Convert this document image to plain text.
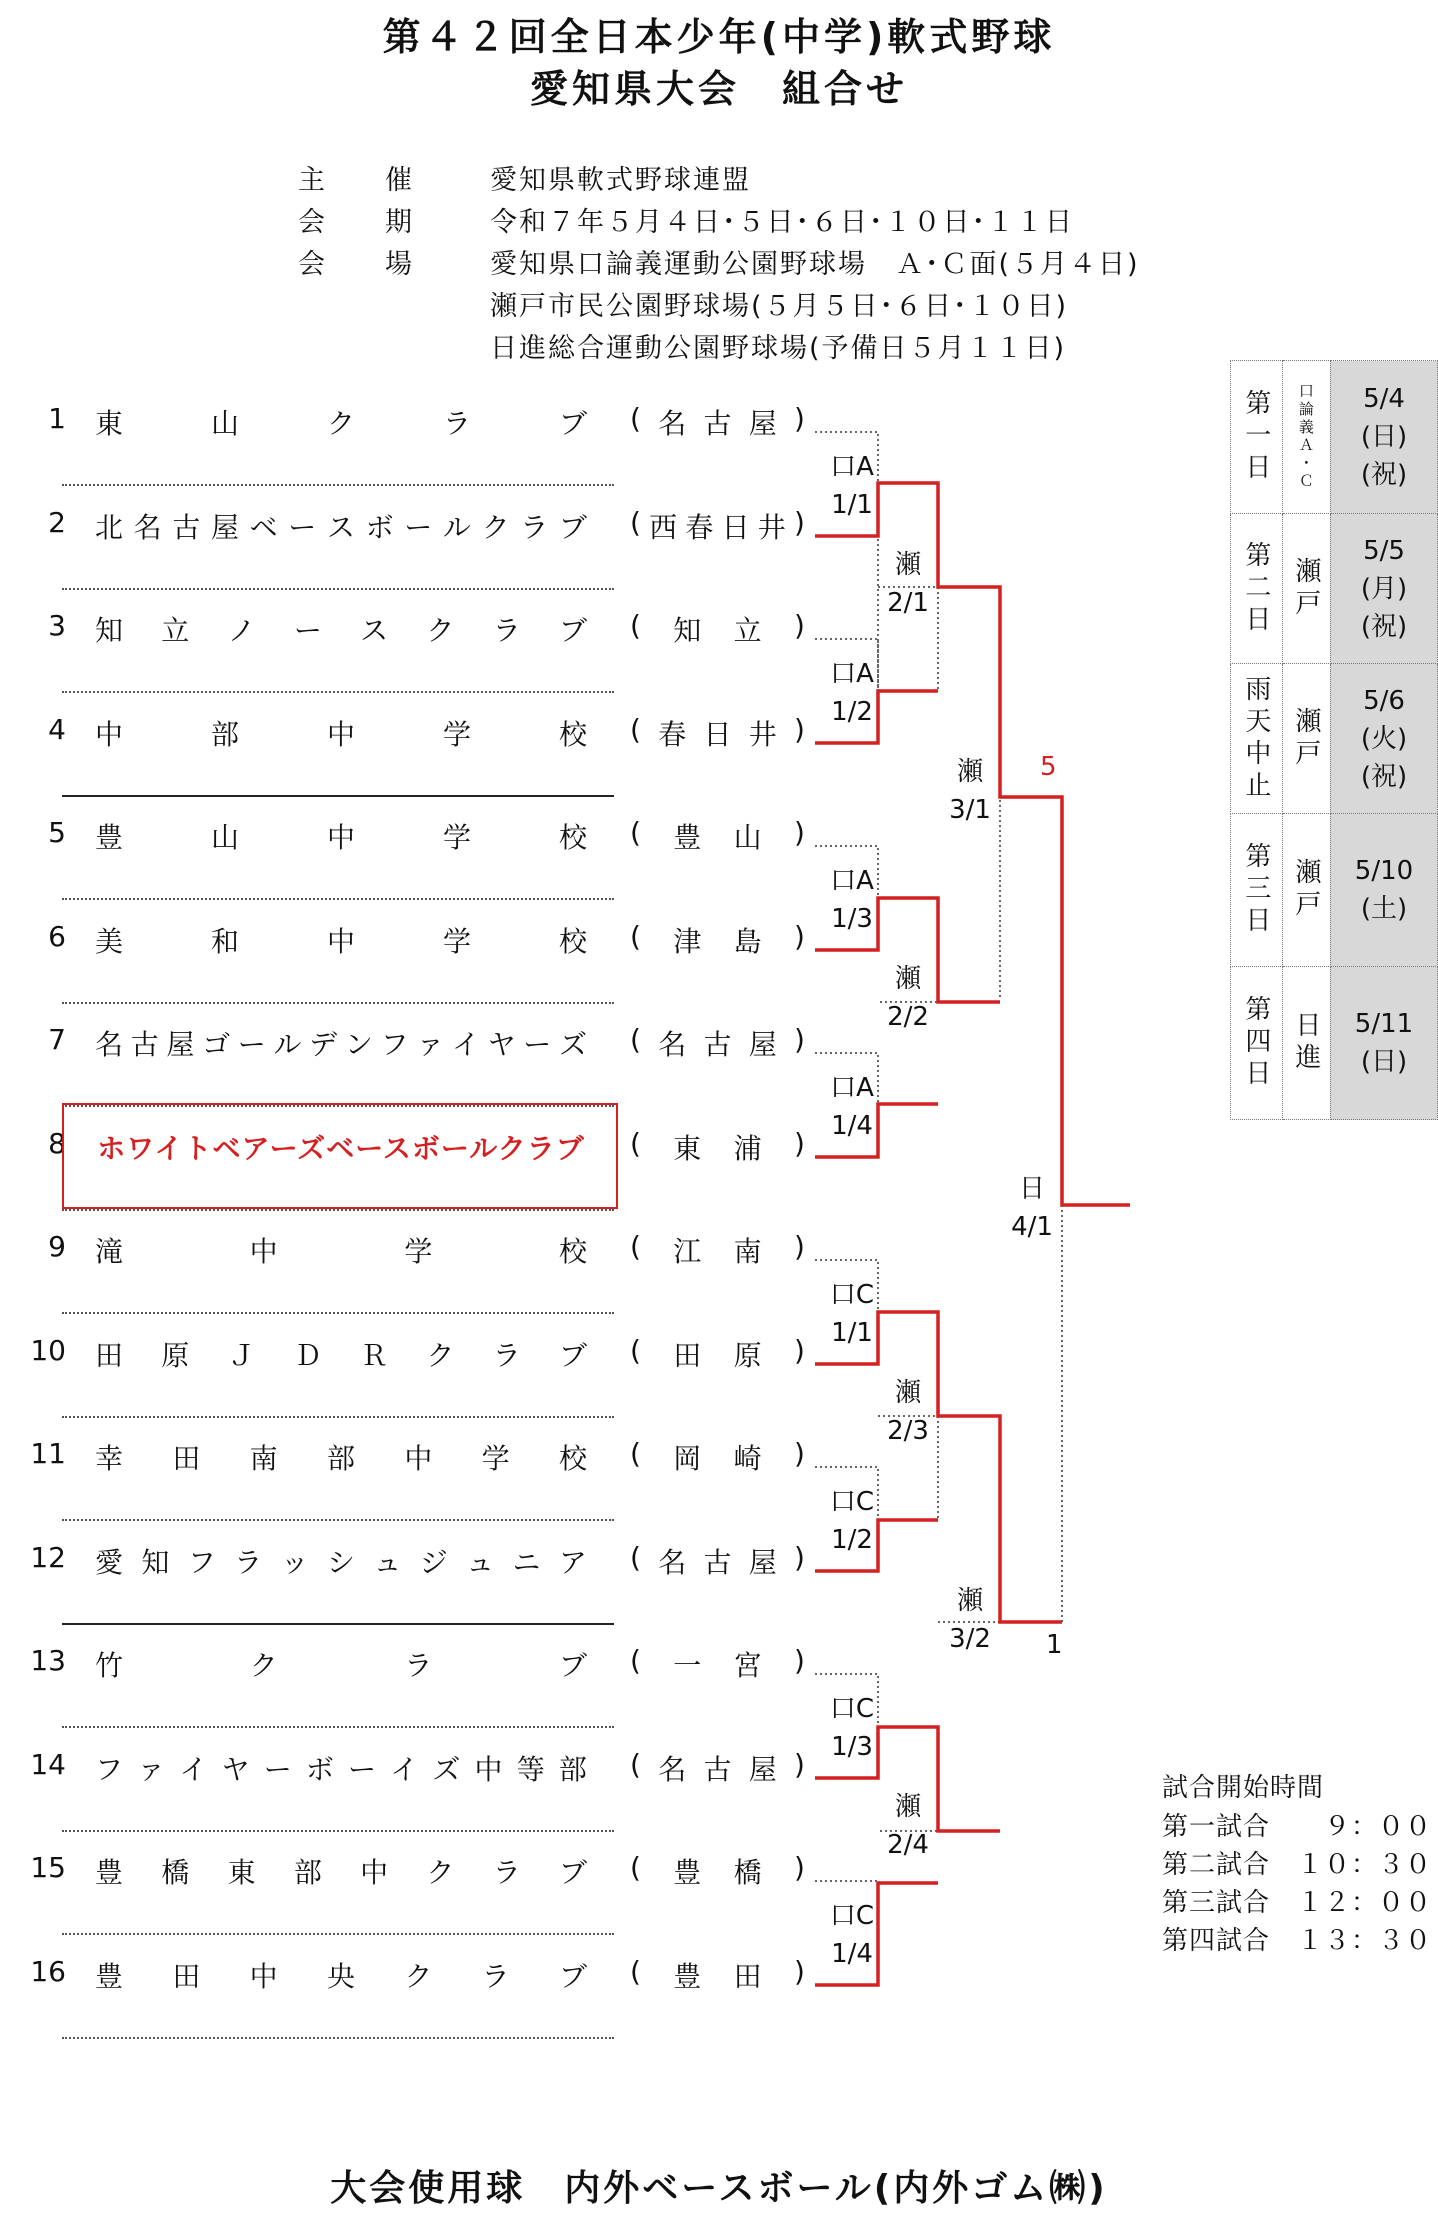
第４２回全日本少年(中学)軟式野球
愛知県大会　組合せ
主　　催	愛知県軟式野球連盟
会　　期	令和７年５月４日･５日･６日･１０日･１１日
会　　場	愛知県口論義運動公園野球場　Ａ･Ｃ面(５月４日)
瀬戸市民公園野球場(５月５日･６日･１０日)
日進総合運動公園野球場(予備日５月１１日)
1 東	山	ク	ラ	ブ ( 名 古 屋 )
2 北 名 古 屋 ベ ー ス ボ ー ル ク ラ ブ ( 西 春 日 井 )
3 知 立 ノ ー ス ク ラ ブ ( 知 立 )
4 中	部	中	学	校 ( 春 日 井 )
5 豊	山	中	学	校 ( 豊 山 )
6 美	和	中	学	校 ( 津 島 )
7 名 古 屋 ゴ ー ル デ ン フ ァ イ ヤ ー ズ ( 名 古 屋 )
8 ホワイトベアーズベースボールクラブ ( 東 浦 )
9 滝	中	学	校 ( 江 南 )
10 田 原 Ｊ Ｄ Ｒ ク ラ ブ ( 田 原 )
11 幸 田 南 部 中 学 校 ( 岡 崎 )
12 愛 知 フ ラ ッ シ ュ ジ ュ ニ ア ( 名 古 屋 )
13 竹	ク	ラ	ブ ( 一 宮 )
14 フ ァ イ ヤ ー ボ ー イ ズ 中 等 部 ( 名 古 屋 )
15 豊 橋 東 部 中 ク ラ ブ ( 豊 橋 )
16 豊 田 中 央 ク ラ ブ ( 豊 田 )
口A
1/1
口A
1/2
口A
1/3
口A
1/4
口C
1/1
口C
1/2
口C
1/3
口C
1/4
瀬
2/1
瀬
2/2
瀬
2/3
瀬
2/4
瀬
3/1
瀬
3/2
日
4/1
5
1
第一日	口論義Ａ・Ｃ	5/4
(日)
(祝)

第二日	瀬戸	5/5
(月)
(祝)

雨天中止	瀬戸	5/6
(火)
(祝)

第三日	瀬戸	5/10
(土)

第四日	日進	5/11
(日)
試合開始時間
第一試合 ９：００
第二試合 １０：３０
第三試合 １２：００
第四試合 １３：３０
大会使用球　内外ベースボール(内外ゴム㈱)
